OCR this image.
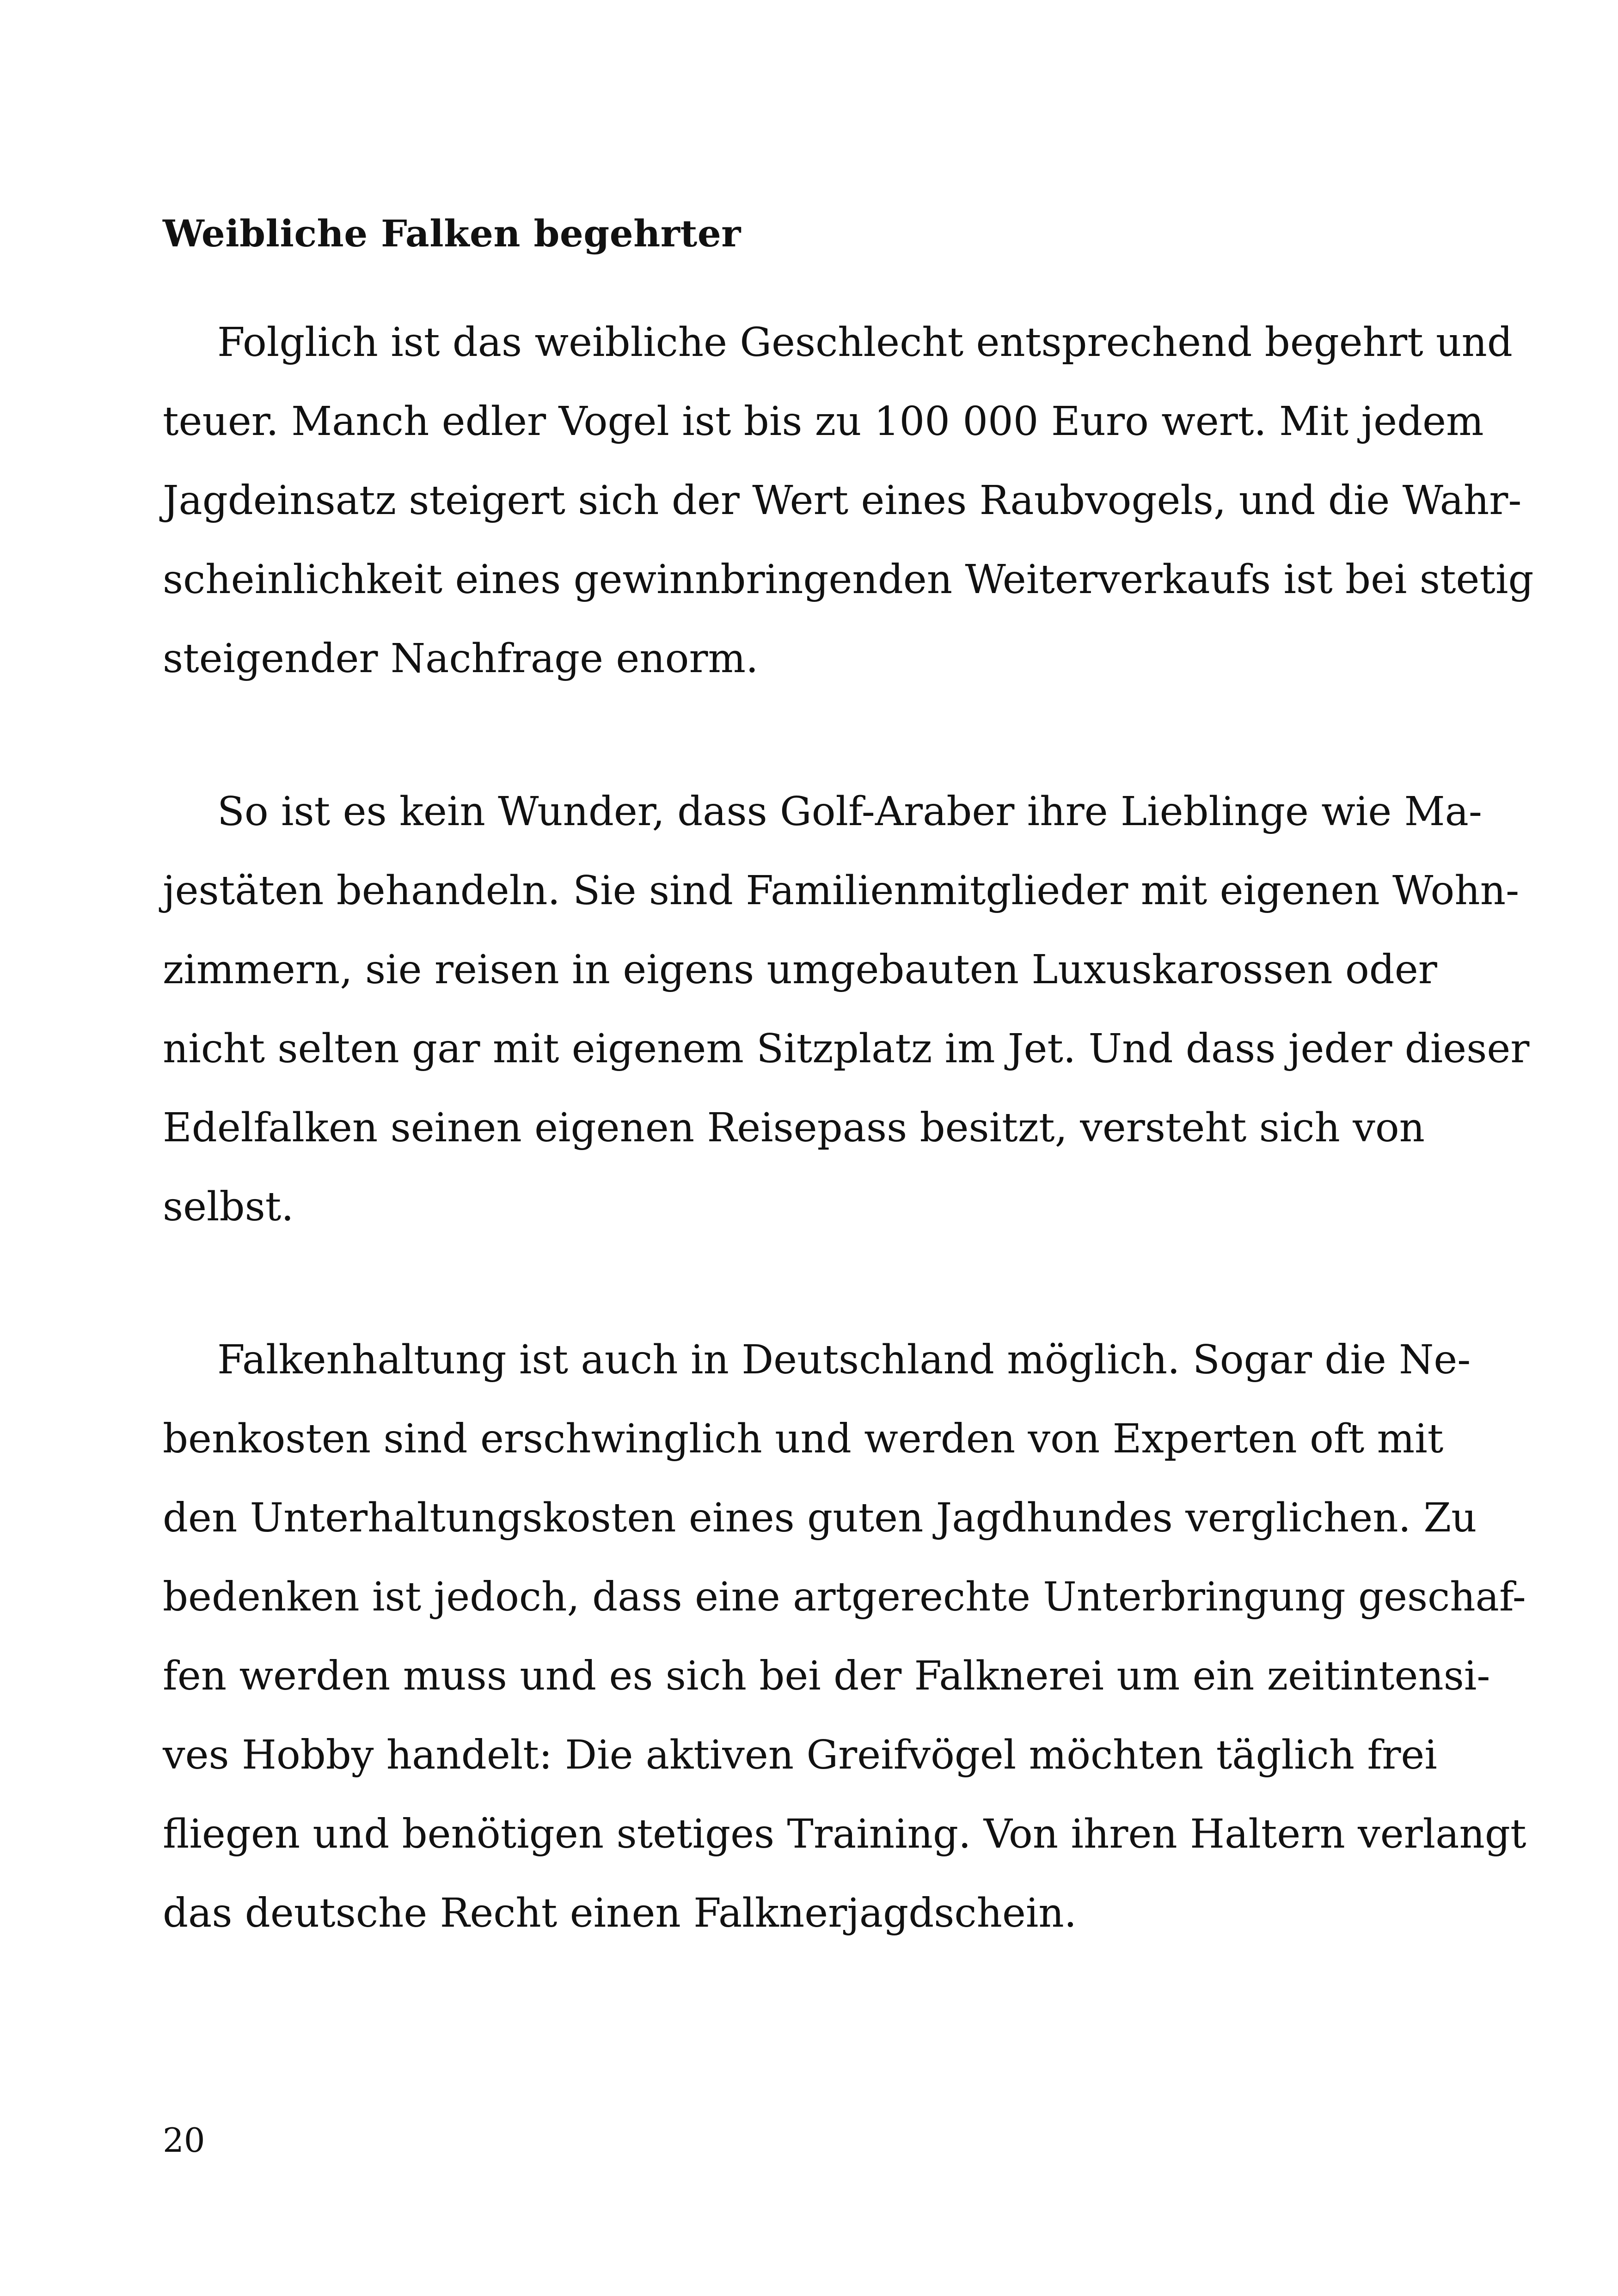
Weibliche Falken begehrter
Folglich ist das weibliche Geschlecht entsprechend begehrt und
teuer. Manch edler Vogel ist bis zu 100 000 Euro wert. Mit jedem
Jagdeinsatz steigert sich der Wert eines Raubvogels, und die Wahr-
scheinlichkeit eines gewinnbringenden Weiterverkaufs ist bei stetig
steigender Nachfrage enorm.
So ist es kein Wunder, dass Golf-Araber ihre Lieblinge wie Ma-
jestäten behandeln. Sie sind Familienmitglieder mit eigenen Wohn-
zimmern, sie reisen in eigens umgebauten Luxuskarossen oder
nicht selten gar mit eigenem Sitzplatz im Jet. Und dass jeder dieser
Edelfalken seinen eigenen Reisepass besitzt, versteht sich von
selbst.
Falkenhaltung ist auch in Deutschland möglich. Sogar die Ne-
benkosten sind erschwinglich und werden von Experten oft mit
den Unterhaltungskosten eines guten Jagdhundes verglichen. Zu
bedenken ist jedoch, dass eine artgerechte Unterbringung geschaf-
fen werden muss und es sich bei der Falknerei um ein zeitintensi-
ves Hobby handelt: Die aktiven Greifvögel möchten täglich frei
fliegen und benötigen stetiges Training. Von ihren Haltern verlangt
das deutsche Recht einen Falknerjagdschein.
20
